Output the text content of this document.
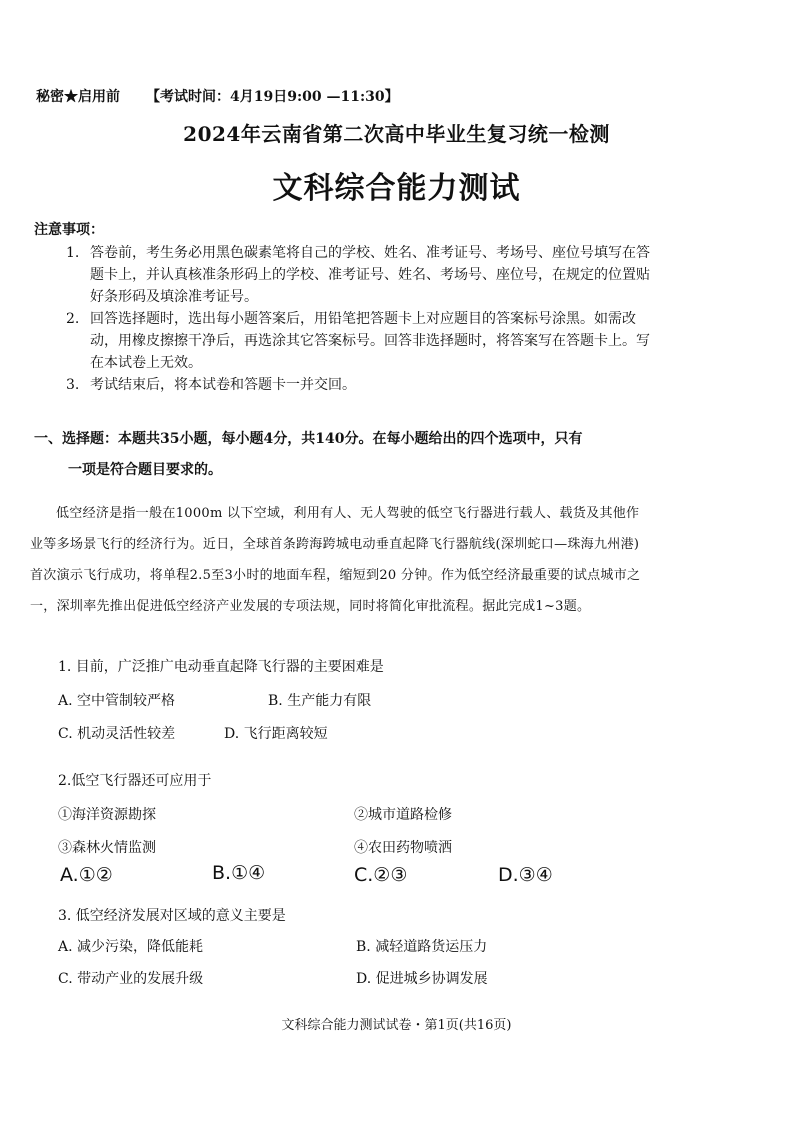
秘密★启用前 【考试时间：4月19日9:00 —11:30】
2024年云南省第二次高中毕业生复习统一检测
文科综合能力测试
注意事项：
1. 答卷前，考生务必用黑色碳素笔将自己的学校、姓名、准考证号、考场号、座位号填写在答题卡上，并认真核准条形码上的学校、准考证号、姓名、考场号、座位号，在规定的位置贴好条形码及填涂准考证号。
2. 回答选择题时，选出每小题答案后，用铅笔把答题卡上对应题目的答案标号涂黑。如需改动，用橡皮擦擦干净后，再选涂其它答案标号。回答非选择题时，将答案写在答题卡上。写在本试卷上无效。
3. 考试结束后，将本试卷和答题卡一并交回。
一、选择题：本题共35小题，每小题4分，共140分。在每小题给出的四个选项中，只有
一项是符合题目要求的。
低空经济是指一般在1000m 以下空域，利用有人、无人驾驶的低空飞行器进行载人、载货及其他作业等多场景飞行的经济行为。近日，全球首条跨海跨城电动垂直起降飞行器航线(深圳蛇口—珠海九州港)首次演示飞行成功，将单程2.5至3小时的地面车程，缩短到20 分钟。作为低空经济最重要的试点城市之一，深圳率先推出促进低空经济产业发展的专项法规，同时将简化审批流程。据此完成1~3题。
1. 目前，广泛推广电动垂直起降飞行器的主要困难是
A. 空中管制较严格	B. 生产能力有限
C. 机动灵活性较差	D. 飞行距离较短
2.低空飞行器还可应用于
①海洋资源勘探	②城市道路检修
③森林火情监测	④农田药物喷洒
A.①②	B.①④	C.②③	D.③④
3. 低空经济发展对区域的意义主要是
A. 减少污染，降低能耗	B. 减轻道路货运压力
C. 带动产业的发展升级	D. 促进城乡协调发展
文科综合能力测试试卷・第1页(共16页)
